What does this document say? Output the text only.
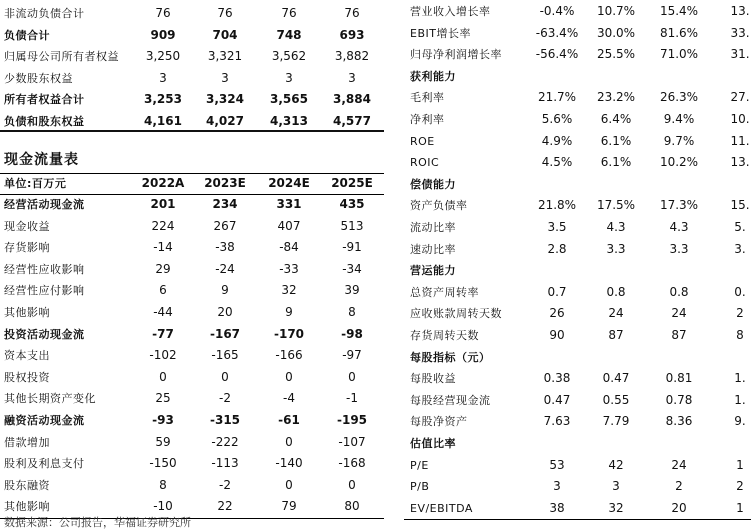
非流动负债合计	76	76	76	76
负债合计	909	704	748	693
归属母公司所有者权益	3,250	3,321	3,562	3,882
少数股东权益	3	3	3	3
所有者权益合计	3,253	3,324	3,565	3,884
负债和股东权益	4,161	4,027	4,313	4,577
现金流量表
单位:百万元	2022A	2023E	2024E	2025E
经营活动现金流	201	234	331	435
现金收益	224	267	407	513
存货影响	-14	-38	-84	-91
经营性应收影响	29	-24	-33	-34
经营性应付影响	6	9	32	39
其他影响	-44	20	9	8
投资活动现金流	-77	-167	-170	-98
资本支出	-102	-165	-166	-97
股权投资	0	0	0	0
其他长期资产变化	25	-2	-4	-1
融资活动现金流	-93	-315	-61	-195
借款增加	59	-222	0	-107
股利及利息支付	-150	-113	-140	-168
股东融资	8	-2	0	0
其他影响	-10	22	79	80
营业收入增长率	-0.4%	10.7%	15.4%	13.
EBIT增长率	-63.4%	30.0%	81.6%	33.
归母净利润增长率	-56.4%	25.5%	71.0%	31.
获利能力
毛利率	21.7%	23.2%	26.3%	27.
净利率	5.6%	6.4%	9.4%	10.
ROE	4.9%	6.1%	9.7%	11.
ROIC	4.5%	6.1%	10.2%	13.
偿债能力
资产负债率	21.8%	17.5%	17.3%	15.
流动比率	3.5	4.3	4.3	5.
速动比率	2.8	3.3	3.3	3.
营运能力
总资产周转率	0.7	0.8	0.8	0.
应收账款周转天数	26	24	24	2
存货周转天数	90	87	87	8
每股指标（元）
每股收益	0.38	0.47	0.81	1.
每股经营现金流	0.47	0.55	0.78	1.
每股净资产	7.63	7.79	8.36	9.
估值比率
P/E	53	42	24	1
P/B	3	3	2	2
EV/EBITDA	38	32	20	1
数据来源：公司报告，华福证券研究所
